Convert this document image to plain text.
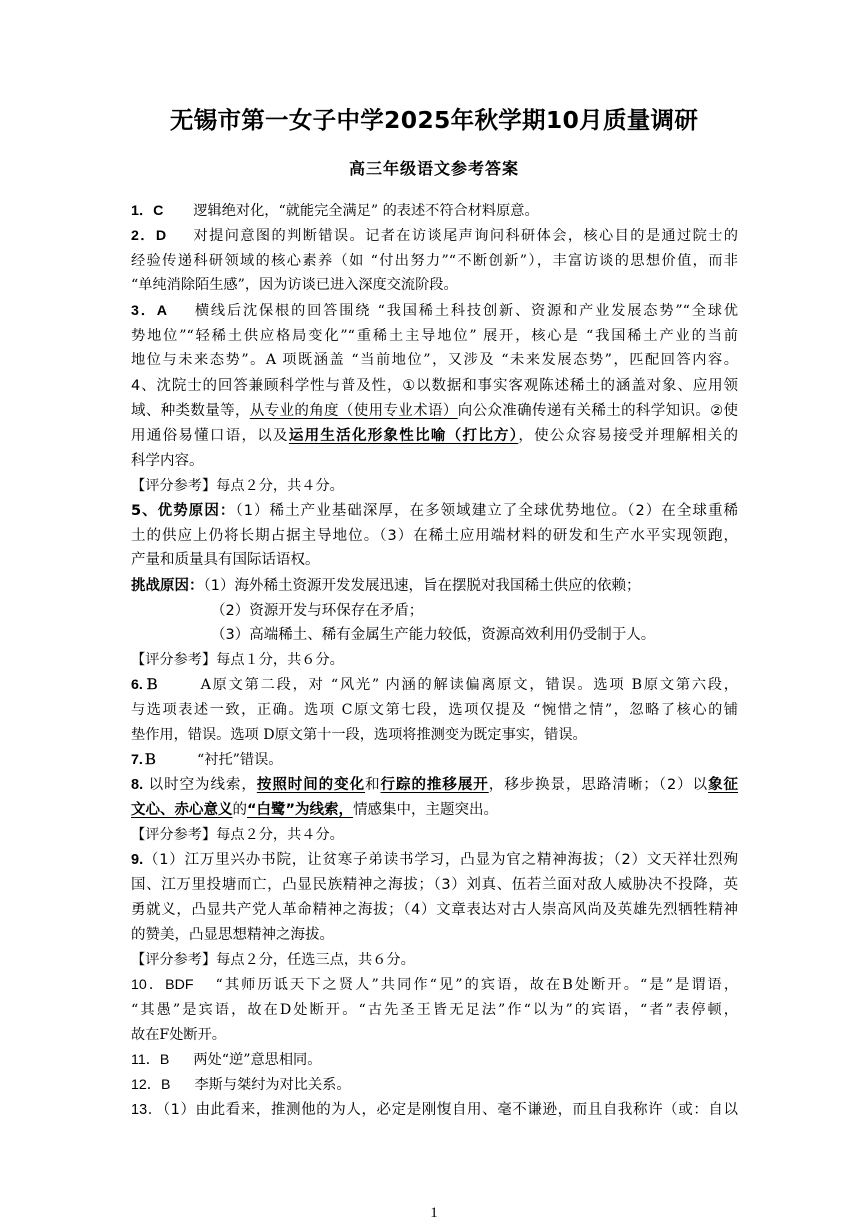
无锡市第一女子中学2025年秋学期10月质量调研
高三年级语文参考答案
1．C 逻辑绝对化，“就能完全满足” 的表述不符合材料原意。
2．D 对提问意图的判断错误。记者在访谈尾声询问科研体会，核心目的是通过院士的
经验传递科研领域的核心素养（如 “付出努力”“不断创新”），丰富访谈的思想价值，而非
“单纯消除陌生感”，因为访谈已进入深度交流阶段。
3．A 横线后沈保根的回答围绕 “我国稀土科技创新、资源和产业发展态势”“全球优
势地位”“轻稀土供应格局变化”“重稀土主导地位” 展开，核心是 “我国稀土产业的当前
地位与未来态势”。A 项既涵盖 “当前地位”，又涉及 “未来发展态势”，匹配回答内容。
4、沈院士的回答兼顾科学性与普及性，①以数据和事实客观陈述稀土的涵盖对象、应用领
域、种类数量等，从专业的角度（使用专业术语）向公众准确传递有关稀土的科学知识。②使
用通俗易懂口语，以及运用生活化形象性比喻（打比方），使公众容易接受并理解相关的
科学内容。
【评分参考】每点２分，共４分。
5、优势原因：（1）稀土产业基础深厚，在多领域建立了全球优势地位。（2）在全球重稀
土的供应上仍将长期占据主导地位。（3）在稀土应用端材料的研发和生产水平实现领跑，
产量和质量具有国际话语权。
挑战原因：（1）海外稀土资源开发发展迅速，旨在摆脱对我国稀土供应的依赖；
（2）资源开发与环保存在矛盾；
（3）高端稀土、稀有金属生产能力较低，资源高效利用仍受制于人。
【评分参考】每点１分，共６分。
6.Ｂ	A原文第二段，对 “风光” 内涵的解读偏离原文，错误。选项 B原文第六段，
与选项表述一致，正确。选项 C原文第七段，选项仅提及 “惋惜之情”，忽略了核心的铺
垫作用，错误。选项 D原文第十一段，选项将推测变为既定事实，错误。
7.Ｂ	“衬托”错误。
8. 以时空为线索，按照时间的变化和行踪的推移展开，移步换景，思路清晰；（2）以象征
文心、赤心意义的“白鹭”为线索，情感集中，主题突出。
【评分参考】每点２分，共４分。
9.（1）江万里兴办书院，让贫寒子弟读书学习，凸显为官之精神海拔；（2）文天祥壮烈殉
国、江万里投塘而亡，凸显民族精神之海拔；（3）刘真、伍若兰面对敌人威胁决不投降，英
勇就义，凸显共产党人革命精神之海拔；（4）文章表达对古人崇高风尚及英雄先烈牺牲精神
的赞美，凸显思想精神之海拔。
【评分参考】每点２分，任选三点，共６分。
10．BDF “其师历诋天下之贤人”共同作“见”的宾语，故在B处断开。“是”是谓语，
“其愚”是宾语，故在D处断开。“古先圣王皆无足法”作“以为”的宾语，“者”表停顿，
故在F处断开。
11．B 两处“逆”意思相同。
12．B 李斯与桀纣为对比关系。
13．（1）由此看来，推测他的为人，必定是刚愎自用、毫不谦逊，而且自我称许（或：自以
1
